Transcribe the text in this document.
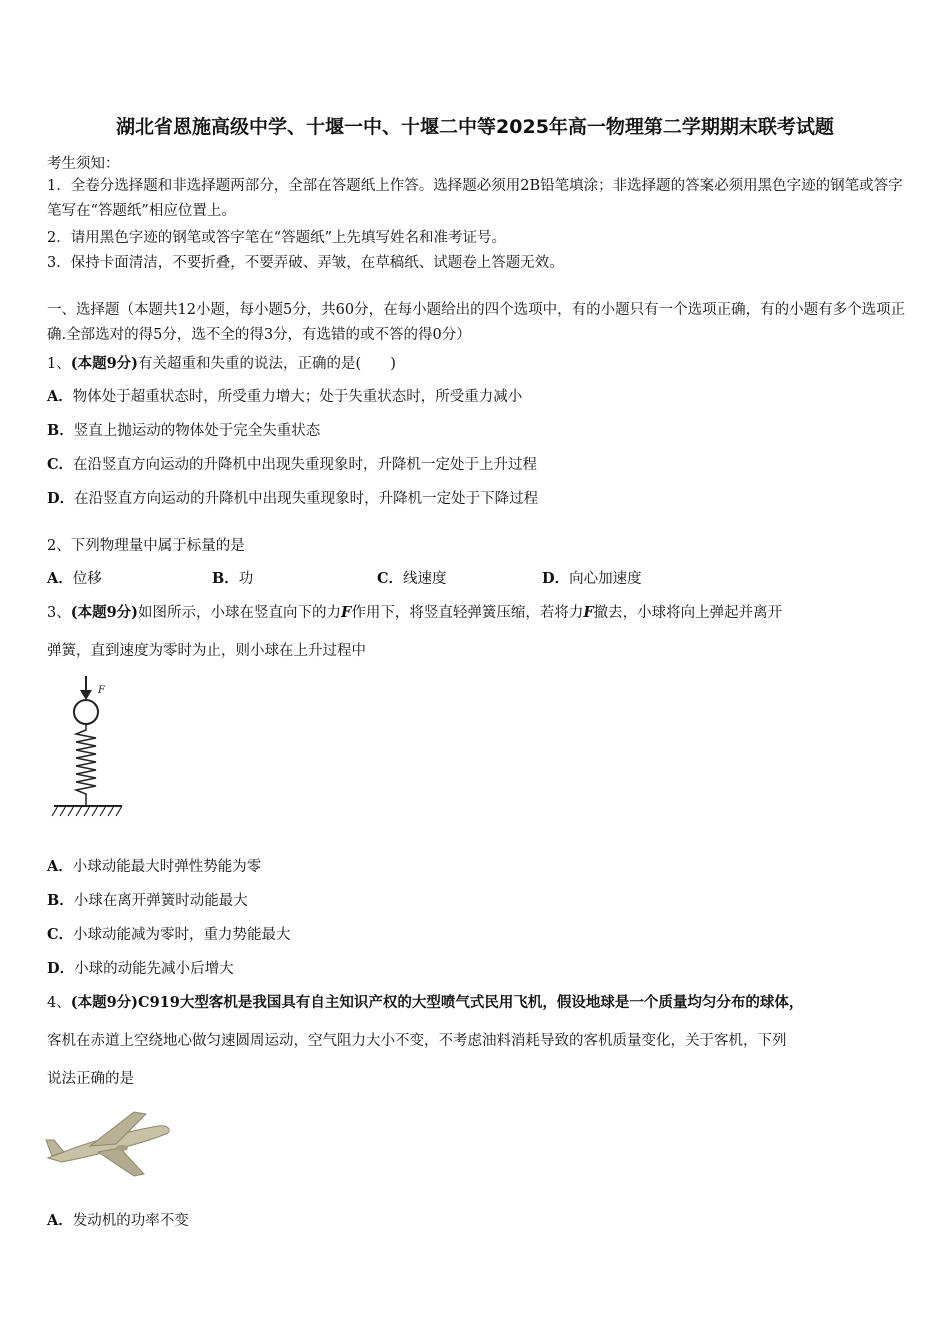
湖北省恩施高级中学、十堰一中、十堰二中等2025年高一物理第二学期期末联考试题
考生须知：
1．全卷分选择题和非选择题两部分，全部在答题纸上作答。选择题必须用2B铅笔填涂；非选择题的答案必须用黑色字迹的钢笔或答字笔写在“答题纸”相应位置上。
2．请用黑色字迹的钢笔或答字笔在“答题纸”上先填写姓名和准考证号。
3．保持卡面清洁，不要折叠，不要弄破、弄皱，在草稿纸、试题卷上答题无效。
一、选择题（本题共12小题，每小题5分，共60分，在每小题给出的四个选项中，有的小题只有一个选项正确，有的小题有多个选项正确.全部选对的得5分，选不全的得3分，有选错的或不答的得0分）
1、(本题9分)有关超重和失重的说法，正确的是(　　)
A．物体处于超重状态时，所受重力增大；处于失重状态时，所受重力减小
B．竖直上抛运动的物体处于完全失重状态
C．在沿竖直方向运动的升降机中出现失重现象时，升降机一定处于上升过程
D．在沿竖直方向运动的升降机中出现失重现象时，升降机一定处于下降过程
2、下列物理量中属于标量的是
A．位移	B．功	C．线速度	D．向心加速度
3、(本题9分)如图所示，小球在竖直向下的力F作用下，将竖直轻弹簧压缩，若将力F撤去，小球将向上弹起并离开
弹簧，直到速度为零时为止，则小球在上升过程中
F
A．小球动能最大时弹性势能为零
B．小球在离开弹簧时动能最大
C．小球动能减为零时，重力势能最大
D．小球的动能先减小后增大
4、(本题9分)C919大型客机是我国具有自主知识产权的大型喷气式民用飞机，假设地球是一个质量均匀分布的球体，
客机在赤道上空绕地心做匀速圆周运动，空气阻力大小不变，不考虑油料消耗导致的客机质量变化，关于客机，下列
说法正确的是
A．发动机的功率不变
